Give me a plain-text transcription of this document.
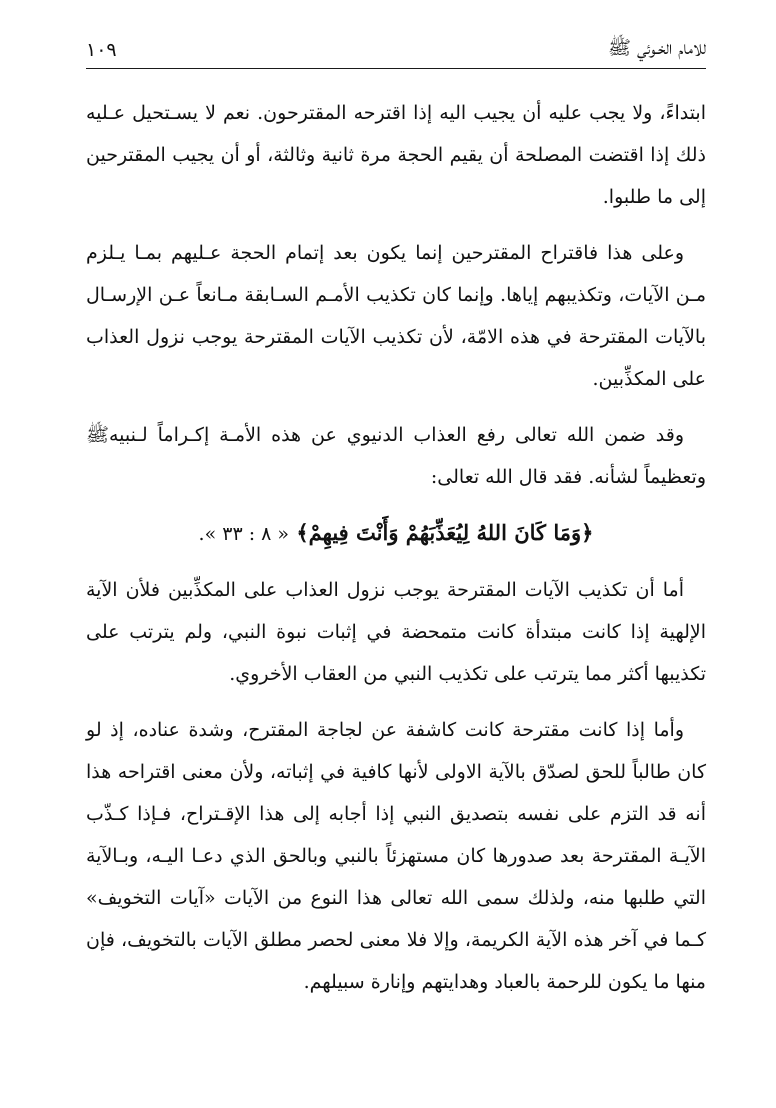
للامام الخـوئي ﷺ
١٠٩

ابتداءً، ولا يجب عليه أن يجيب اليه إذا اقترحه المقترحون. نعم لا يسـتحيل عـليه ذلك إذا اقتضت المصلحة أن يقيم الحجة مرة ثانية وثالثة، أو أن يجيب المقترحين إلى ما طلبوا.

وعلى هذا فاقتراح المقترحين إنما يكون بعد إتمام الحجة عـليهم بمـا يـلزم مـن الآيات، وتكذيبهم إياها. وإنما كان تكذيب الأمـم السـابقة مـانعاً عـن الإرسـال بالآيات المقترحة في هذه الامّة، لأن تكذيب الآيات المقترحة يوجب نزول العذاب على المكذِّبين.

وقد ضمن الله تعالى رفع العذاب الدنيوي عن هذه الأمـة إكـراماً لـنبيهﷺ وتعظيماً لشأنه. فقد قال الله تعالى:

﴿وَمَا كَانَ اللهُ لِيُعَذِّبَهُمْ وَأَنْتَ فِيهِمْ﴾ « ٨ : ٣٣ ».

أما أن تكذيب الآيات المقترحة يوجب نزول العذاب على المكذِّبين فلأن الآية الإلهية إذا كانت مبتدأة كانت متمحضة في إثبات نبوة النبي، ولم يترتب على تكذيبها أكثر مما يترتب على تكذيب النبي من العقاب الأخروي.

وأما إذا كانت مقترحة كانت كاشفة عن لجاجة المقترح، وشدة عناده، إذ لو كان طالباً للحق لصدّق بالآية الاولى لأنها كافية في إثباته، ولأن معنى اقتراحه هذا أنه قد التزم على نفسه بتصديق النبي إذا أجابه إلى هذا الإقـتراح، فـإذا كـذّب الآيـة المقترحة بعد صدورها كان مستهزئاً بالنبي وبالحق الذي دعـا اليـه، وبـالآية التي طلبها منه، ولذلك سمى الله تعالى هذا النوع من الآيات «آيات التخويف» كـما في آخر هذه الآية الكريمة، وإلا فلا معنى لحصر مطلق الآيات بالتخويف، فإن منها ما يكون للرحمة بالعباد وهدايتهم وإنارة سبيلهم.
